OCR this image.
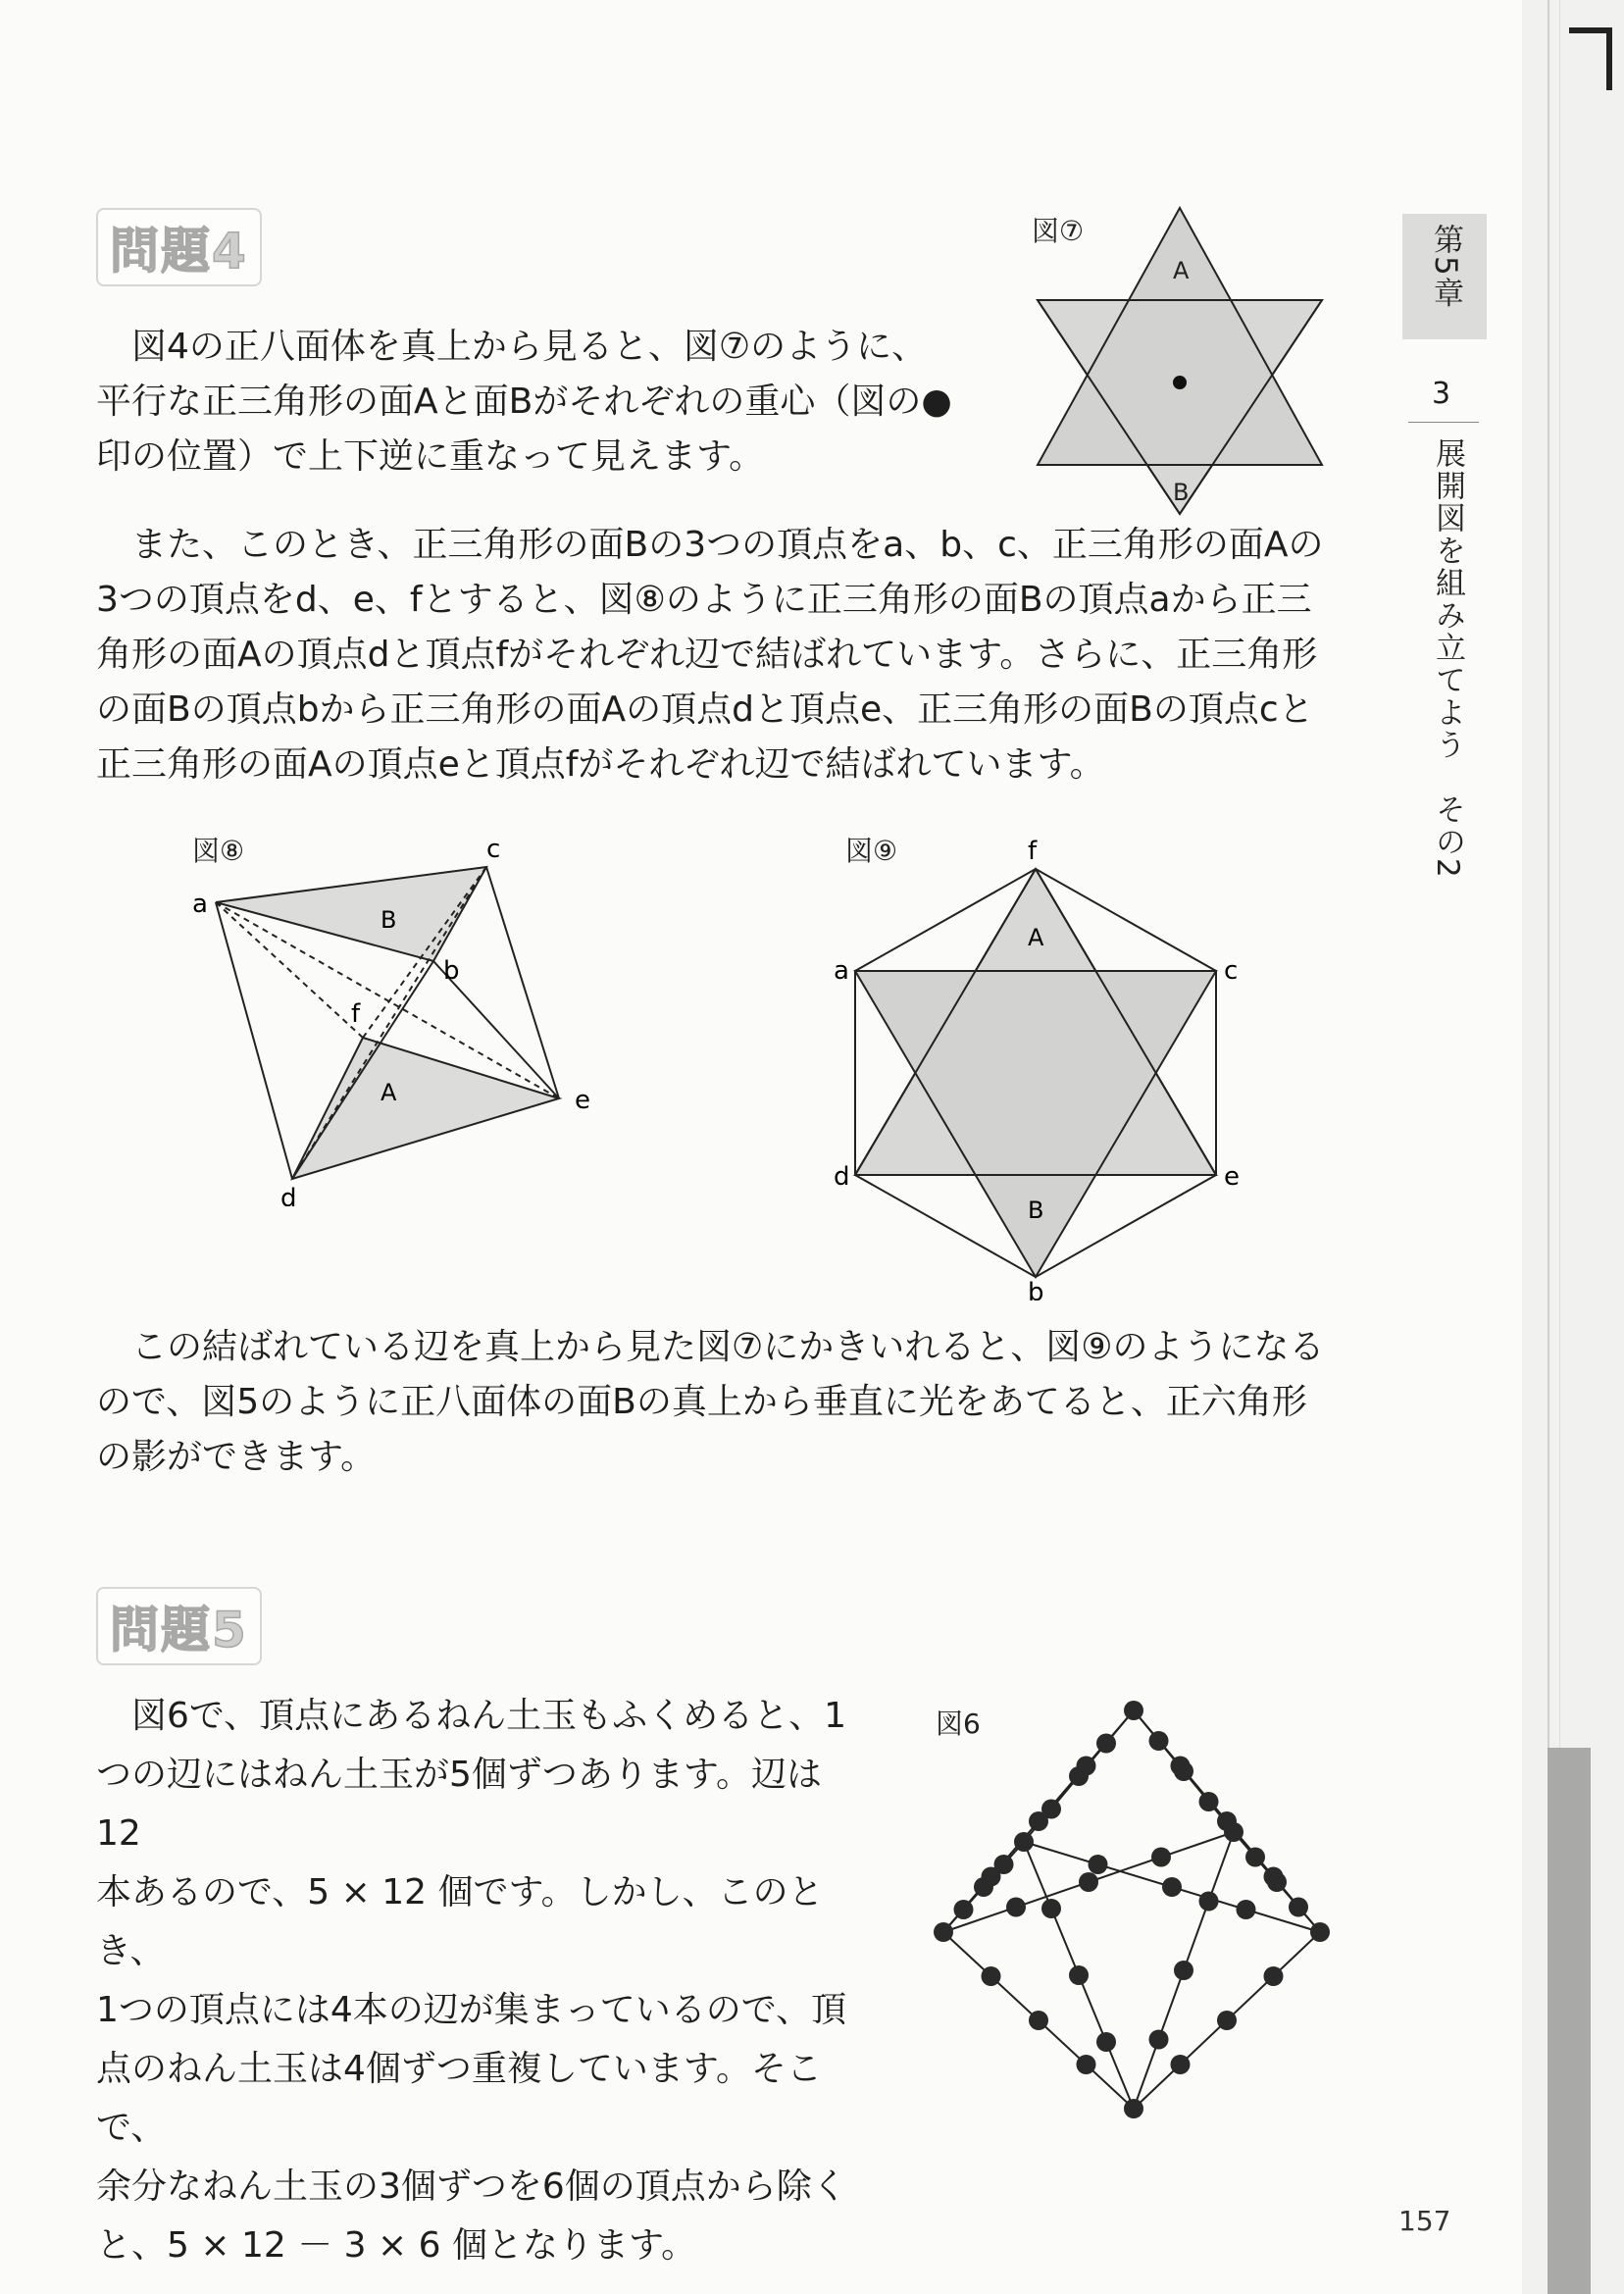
第5章
3
展開図を組み立てよう　その2
問題4

図4の正八面体を真上から見ると、図⑦のように、平行な正三角形の面Aと面Bがそれぞれの重心（図の●印の位置）で上下逆に重なって見えます。

また、このとき、正三角形の面Bの3つの頂点をa、b、c、正三角形の面Aの3つの頂点をd、e、fとすると、図⑧のように正三角形の面Bの頂点aから正三角形の面Aの頂点dと頂点fがそれぞれ辺で結ばれています。さらに、正三角形の面Bの頂点bから正三角形の面Aの頂点dと頂点e、正三角形の面Bの頂点cと正三角形の面Aの頂点eと頂点fがそれぞれ辺で結ばれています。

図⑦
A
B
図⑧
a
c
b
f
e
d
B
A
図⑨	f
a	c
d	e
b
A
B

この結ばれている辺を真上から見た図⑦にかきいれると、図⑨のようになるので、図5のように正八面体の面Bの真上から垂直に光をあてると、正六角形の影ができます。

問題5
図6で、頂点にあるねん土玉もふくめると、1
つの辺にはねん土玉が5個ずつあります。辺は12
本あるので、5 × 12 個です。しかし、このとき、
1つの頂点には4本の辺が集まっているので、頂
点のねん土玉は4個ずつ重複しています。そこで、
余分なねん土玉の3個ずつを6個の頂点から除く
と、5 × 12 － 3 × 6 個となります。
図6
157
